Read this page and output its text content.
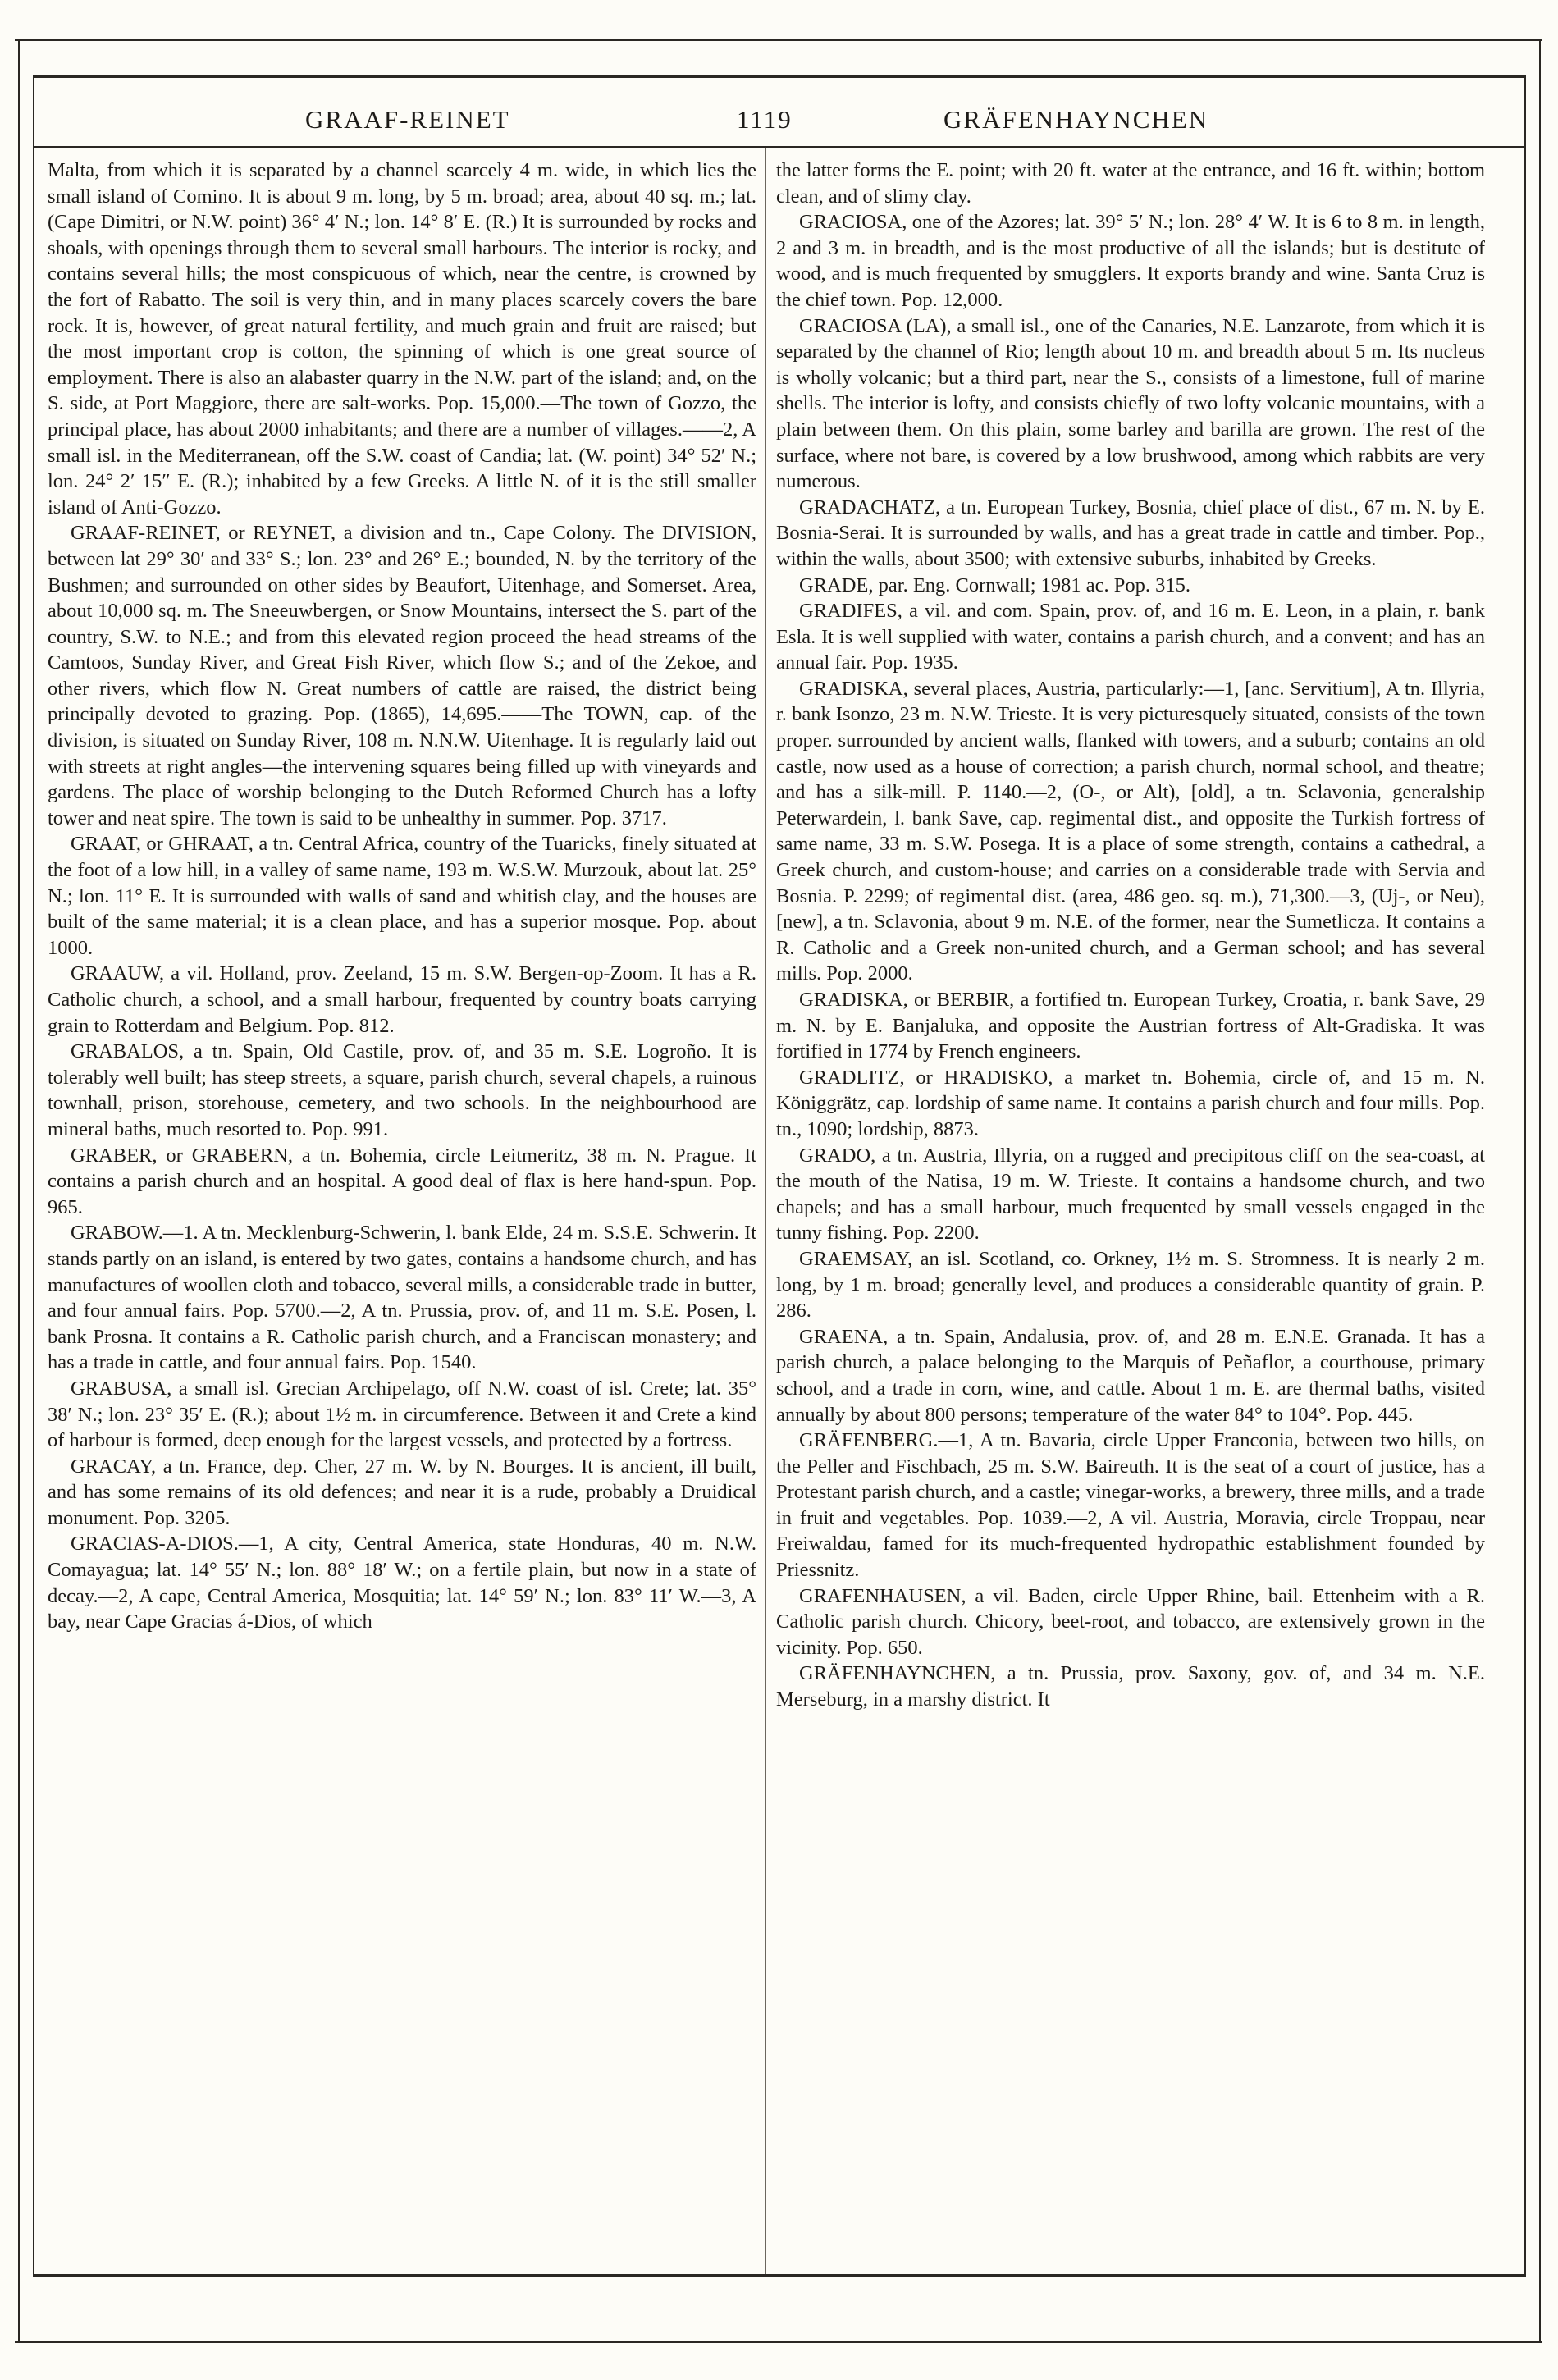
GRAAF-REINET	1119	GRÄFENHAYNCHEN

Malta, from which it is separated by a channel scarcely 4 m. wide, in which lies the small island of Comino. It is about 9 m. long, by 5 m. broad; area, about 40 sq. m.; lat. (Cape Dimitri, or N.W. point) 36° 4′ N.; lon. 14° 8′ E. (R.) It is surrounded by rocks and shoals, with openings through them to several small harbours. The interior is rocky, and contains several hills; the most conspicuous of which, near the centre, is crowned by the fort of Rabatto. The soil is very thin, and in many places scarcely covers the bare rock. It is, however, of great natural fertility, and much grain and fruit are raised; but the most important crop is cotton, the spinning of which is one great source of employment. There is also an alabaster quarry in the N.W. part of the island; and, on the S. side, at Port Maggiore, there are salt-works. Pop. 15,000.—The town of Gozzo, the principal place, has about 2000 inhabitants; and there are a number of villages.——2, A small isl. in the Mediterranean, off the S.W. coast of Candia; lat. (W. point) 34° 52′ N.; lon. 24° 2′ 15″ E. (R.); inhabited by a few Greeks. A little N. of it is the still smaller island of Anti-Gozzo.

GRAAF-REINET, or REYNET, a division and tn., Cape Colony. The DIVISION, between lat 29° 30′ and 33° S.; lon. 23° and 26° E.; bounded, N. by the territory of the Bushmen; and surrounded on other sides by Beaufort, Uitenhage, and Somerset. Area, about 10,000 sq. m. The Sneeuwbergen, or Snow Mountains, intersect the S. part of the country, S.W. to N.E.; and from this elevated region proceed the head streams of the Camtoos, Sunday River, and Great Fish River, which flow S.; and of the Zekoe, and other rivers, which flow N. Great numbers of cattle are raised, the district being principally devoted to grazing. Pop. (1865), 14,695.——The TOWN, cap. of the division, is situated on Sunday River, 108 m. N.N.W. Uitenhage. It is regularly laid out with streets at right angles—the intervening squares being filled up with vineyards and gardens. The place of worship belonging to the Dutch Reformed Church has a lofty tower and neat spire. The town is said to be unhealthy in summer. Pop. 3717.

GRAAT, or GHRAAT, a tn. Central Africa, country of the Tuaricks, finely situated at the foot of a low hill, in a valley of same name, 193 m. W.S.W. Murzouk, about lat. 25° N.; lon. 11° E. It is surrounded with walls of sand and whitish clay, and the houses are built of the same material; it is a clean place, and has a superior mosque. Pop. about 1000.

GRAAUW, a vil. Holland, prov. Zeeland, 15 m. S.W. Bergen-op-Zoom. It has a R. Catholic church, a school, and a small harbour, frequented by country boats carrying grain to Rotterdam and Belgium. Pop. 812.

GRABALOS, a tn. Spain, Old Castile, prov. of, and 35 m. S.E. Logroño. It is tolerably well built; has steep streets, a square, parish church, several chapels, a ruinous townhall, prison, storehouse, cemetery, and two schools. In the neighbourhood are mineral baths, much resorted to. Pop. 991.

GRABER, or GRABERN, a tn. Bohemia, circle Leitmeritz, 38 m. N. Prague. It contains a parish church and an hospital. A good deal of flax is here hand-spun. Pop. 965.

GRABOW.—1. A tn. Mecklenburg-Schwerin, l. bank Elde, 24 m. S.S.E. Schwerin. It stands partly on an island, is entered by two gates, contains a handsome church, and has manufactures of woollen cloth and tobacco, several mills, a considerable trade in butter, and four annual fairs. Pop. 5700.—2, A tn. Prussia, prov. of, and 11 m. S.E. Posen, l. bank Prosna. It contains a R. Catholic parish church, and a Franciscan monastery; and has a trade in cattle, and four annual fairs. Pop. 1540.

GRABUSA, a small isl. Grecian Archipelago, off N.W. coast of isl. Crete; lat. 35° 38′ N.; lon. 23° 35′ E. (R.); about 1½ m. in circumference. Between it and Crete a kind of harbour is formed, deep enough for the largest vessels, and protected by a fortress.

GRACAY, a tn. France, dep. Cher, 27 m. W. by N. Bourges. It is ancient, ill built, and has some remains of its old defences; and near it is a rude, probably a Druidical monument. Pop. 3205.

GRACIAS-A-DIOS.—1, A city, Central America, state Honduras, 40 m. N.W. Comayagua; lat. 14° 55′ N.; lon. 88° 18′ W.; on a fertile plain, but now in a state of decay.—2, A cape, Central America, Mosquitia; lat. 14° 59′ N.; lon. 83° 11′ W.—3, A bay, near Cape Gracias á-Dios, of which

the latter forms the E. point; with 20 ft. water at the entrance, and 16 ft. within; bottom clean, and of slimy clay.

GRACIOSA, one of the Azores; lat. 39° 5′ N.; lon. 28° 4′ W. It is 6 to 8 m. in length, 2 and 3 m. in breadth, and is the most productive of all the islands; but is destitute of wood, and is much frequented by smugglers. It exports brandy and wine. Santa Cruz is the chief town. Pop. 12,000.

GRACIOSA (LA), a small isl., one of the Canaries, N.E. Lanzarote, from which it is separated by the channel of Rio; length about 10 m. and breadth about 5 m. Its nucleus is wholly volcanic; but a third part, near the S., consists of a limestone, full of marine shells. The interior is lofty, and consists chiefly of two lofty volcanic mountains, with a plain between them. On this plain, some barley and barilla are grown. The rest of the surface, where not bare, is covered by a low brushwood, among which rabbits are very numerous.

GRADACHATZ, a tn. European Turkey, Bosnia, chief place of dist., 67 m. N. by E. Bosnia-Serai. It is surrounded by walls, and has a great trade in cattle and timber. Pop., within the walls, about 3500; with extensive suburbs, inhabited by Greeks.

GRADE, par. Eng. Cornwall; 1981 ac. Pop. 315.

GRADIFES, a vil. and com. Spain, prov. of, and 16 m. E. Leon, in a plain, r. bank Esla. It is well supplied with water, contains a parish church, and a convent; and has an annual fair. Pop. 1935.

GRADISKA, several places, Austria, particularly:—1, [anc. Servitium], A tn. Illyria, r. bank Isonzo, 23 m. N.W. Trieste. It is very picturesquely situated, consists of the town proper. surrounded by ancient walls, flanked with towers, and a suburb; contains an old castle, now used as a house of correction; a parish church, normal school, and theatre; and has a silk-mill. P. 1140.—2, (O-, or Alt), [old], a tn. Sclavonia, generalship Peterwardein, l. bank Save, cap. regimental dist., and opposite the Turkish fortress of same name, 33 m. S.W. Posega. It is a place of some strength, contains a cathedral, a Greek church, and custom-house; and carries on a considerable trade with Servia and Bosnia. P. 2299; of regimental dist. (area, 486 geo. sq. m.), 71,300.—3, (Uj-, or Neu), [new], a tn. Sclavonia, about 9 m. N.E. of the former, near the Sumetlicza. It contains a R. Catholic and a Greek non-united church, and a German school; and has several mills. Pop. 2000.

GRADISKA, or BERBIR, a fortified tn. European Turkey, Croatia, r. bank Save, 29 m. N. by E. Banjaluka, and opposite the Austrian fortress of Alt-Gradiska. It was fortified in 1774 by French engineers.

GRADLITZ, or HRADISKO, a market tn. Bohemia, circle of, and 15 m. N. Königgrätz, cap. lordship of same name. It contains a parish church and four mills. Pop. tn., 1090; lordship, 8873.

GRADO, a tn. Austria, Illyria, on a rugged and precipitous cliff on the sea-coast, at the mouth of the Natisa, 19 m. W. Trieste. It contains a handsome church, and two chapels; and has a small harbour, much frequented by small vessels engaged in the tunny fishing. Pop. 2200.

GRAEMSAY, an isl. Scotland, co. Orkney, 1½ m. S. Stromness. It is nearly 2 m. long, by 1 m. broad; generally level, and produces a considerable quantity of grain. P. 286.

GRAENA, a tn. Spain, Andalusia, prov. of, and 28 m. E.N.E. Granada. It has a parish church, a palace belonging to the Marquis of Peñaflor, a courthouse, primary school, and a trade in corn, wine, and cattle. About 1 m. E. are thermal baths, visited annually by about 800 persons; temperature of the water 84° to 104°. Pop. 445.

GRÄFENBERG.—1, A tn. Bavaria, circle Upper Franconia, between two hills, on the Peller and Fischbach, 25 m. S.W. Baireuth. It is the seat of a court of justice, has a Protestant parish church, and a castle; vinegar-works, a brewery, three mills, and a trade in fruit and vegetables. Pop. 1039.—2, A vil. Austria, Moravia, circle Troppau, near Freiwaldau, famed for its much-frequented hydropathic establishment founded by Priessnitz.

GRAFENHAUSEN, a vil. Baden, circle Upper Rhine, bail. Ettenheim with a R. Catholic parish church. Chicory, beet-root, and tobacco, are extensively grown in the vicinity. Pop. 650.

GRÄFENHAYNCHEN, a tn. Prussia, prov. Saxony, gov. of, and 34 m. N.E. Merseburg, in a marshy district. It
